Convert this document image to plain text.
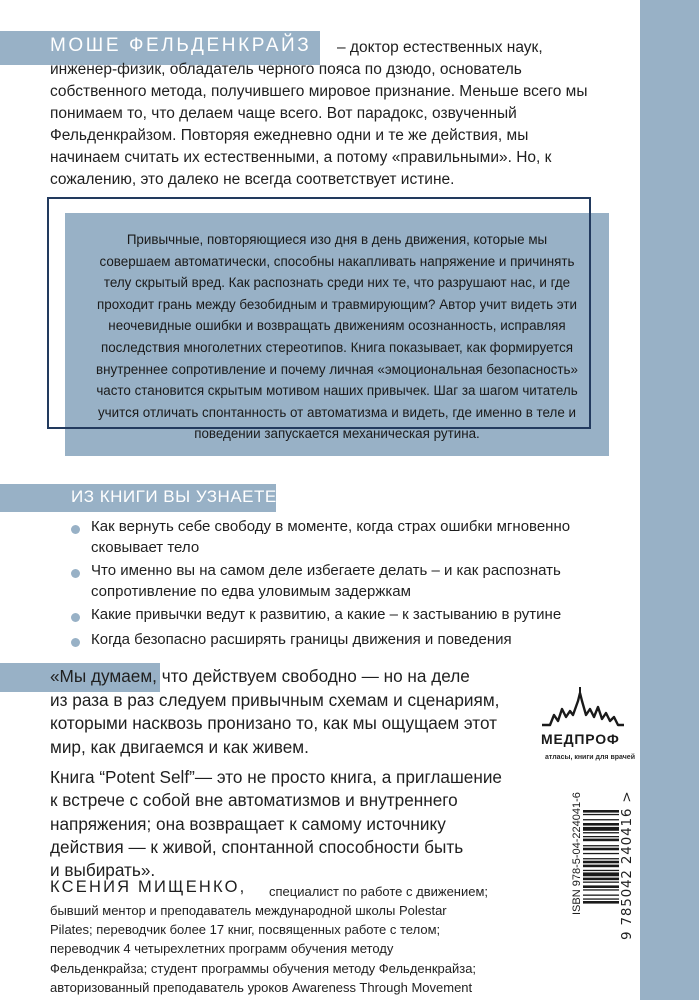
МОШЕ ФЕЛЬДЕНКРАЙЗ – доктор естественных наук,
инженер-физик, обладатель черного пояса по дзюдо, основатель
собственного метода, получившего мировое признание. Меньше всего мы
понимаем то, что делаем чаще всего. Вот парадокс, озвученный
Фельденкрайзом. Повторяя ежедневно одни и те же действия, мы
начинаем считать их естественными, а потому «правильными». Но, к
сожалению, это далеко не всегда соответствует истине.
Привычные, повторяющиеся изо дня в день движения, которые мы
совершаем автоматически, способны накапливать напряжение и причинять
телу скрытый вред. Как распознать среди них те, что разрушают нас, и где
проходит грань между безобидным и травмирующим? Автор учит видеть эти
неочевидные ошибки и возвращать движениям осознанность, исправляя
последствия многолетних стереотипов. Книга показывает, как формируется
внутреннее сопротивление и почему личная «эмоциональная безопасность»
часто становится скрытым мотивом наших привычек. Шаг за шагом читатель
учится отличать спонтанность от автоматизма и видеть, где именно в теле и
поведении запускается механическая рутина.
ИЗ КНИГИ ВЫ УЗНАЕТЕ:
Как вернуть себе свободу в моменте, когда страх ошибки мгновенно
сковывает тело
Что именно вы на самом деле избегаете делать – и как распознать
сопротивление по едва уловимым задержкам
Какие привычки ведут к развитию, а какие – к застыванию в рутине
Когда безопасно расширять границы движения и поведения
«Мы думаем, что действуем свободно — но на деле
из раза в раз следуем привычным схемам и сценариям,
которыми насквозь пронизано то, как мы ощущаем этот
мир, как двигаемся и как живем.
Книга “Potent Self”— это не просто книга, а приглашение
к встрече с собой вне автоматизмов и внутреннего
напряжения; она возвращает к самому источнику
действия — к живой, спонтанной способности быть
и выбирать».
КСЕНИЯ МИЩЕНКО, специалист по работе с движением;
бывший ментор и преподаватель международной школы Polestar
Pilates; переводчик более 17 книг, посвященных работе с телом;
переводчик 4 четырехлетних программ обучения методу
Фельденкрайза; студент программы обучения методу Фельденкрайза;
авторизованный преподаватель уроков Awareness Through Movement
МЕДПРОФ
атласы, книги для врачей
ISBN 978-5-04-224041-6	9 785042 240416 >
